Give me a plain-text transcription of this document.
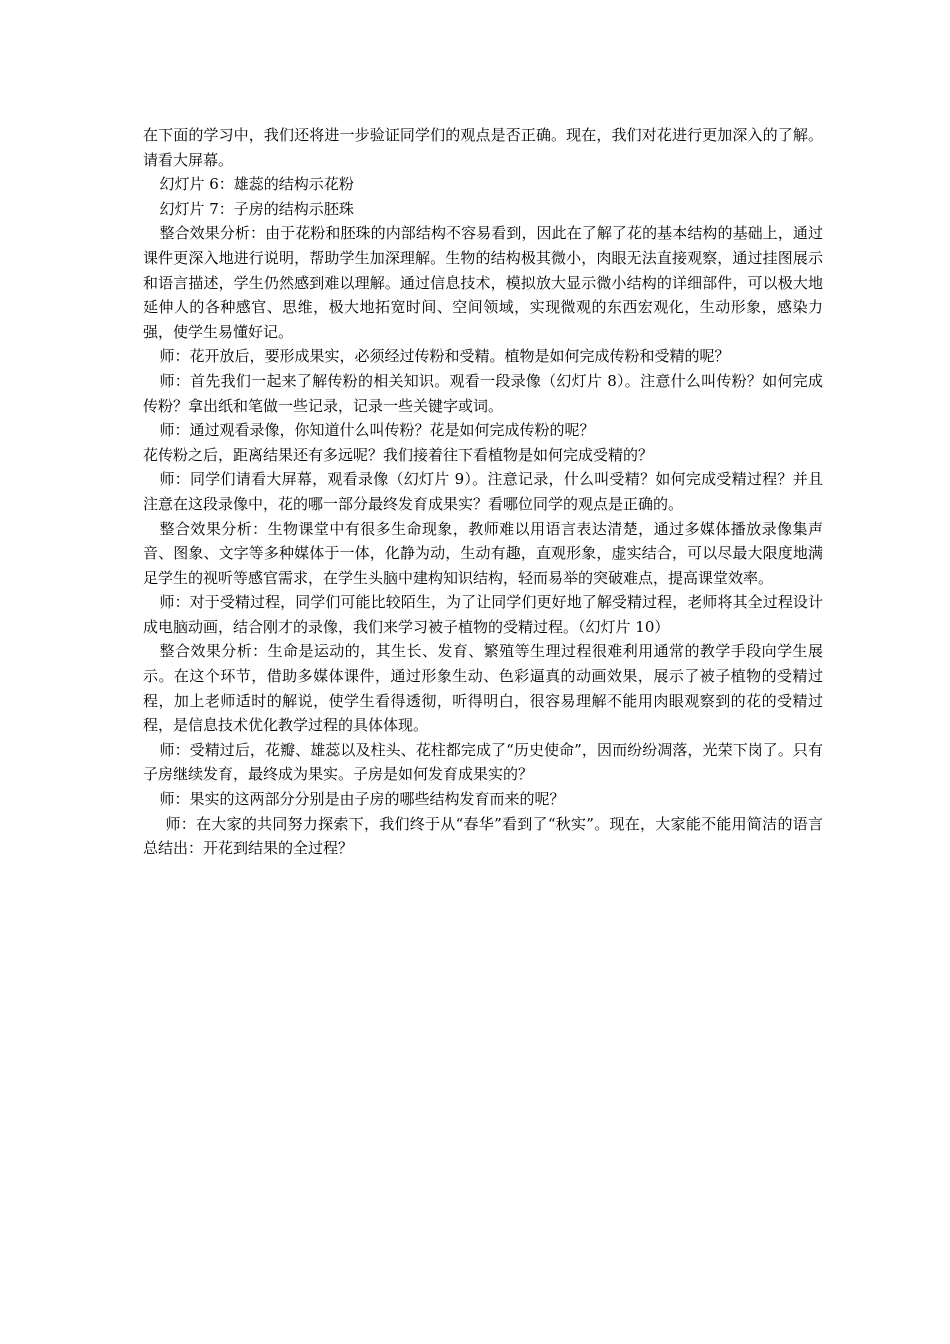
在下面的学习中，我们还将进一步验证同学们的观点是否正确。现在，我们对花进行更加深入的了解。请看大屏幕。

幻灯片 6：雄蕊的结构示花粉

幻灯片 7：子房的结构示胚珠

整合效果分析：由于花粉和胚珠的内部结构不容易看到，因此在了解了花的基本结构的基础上，通过课件更深入地进行说明，帮助学生加深理解。生物的结构极其微小，肉眼无法直接观察，通过挂图展示和语言描述，学生仍然感到难以理解。通过信息技术，模拟放大显示微小结构的详细部件，可以极大地延伸人的各种感官、思维，极大地拓宽时间、空间领域，实现微观的东西宏观化，生动形象，感染力强，使学生易懂好记。

师：花开放后，要形成果实，必须经过传粉和受精。植物是如何完成传粉和受精的呢？

师：首先我们一起来了解传粉的相关知识。观看一段录像（幻灯片 8）。注意什么叫传粉？如何完成传粉？拿出纸和笔做一些记录，记录一些关键字或词。

师：通过观看录像，你知道什么叫传粉？花是如何完成传粉的呢？

花传粉之后，距离结果还有多远呢？我们接着往下看植物是如何完成受精的？

师：同学们请看大屏幕，观看录像（幻灯片 9）。注意记录，什么叫受精？如何完成受精过程？并且注意在这段录像中，花的哪一部分最终发育成果实？看哪位同学的观点是正确的。

整合效果分析：生物课堂中有很多生命现象，教师难以用语言表达清楚，通过多媒体播放录像集声音、图象、文字等多种媒体于一体，化静为动，生动有趣，直观形象，虚实结合，可以尽最大限度地满足学生的视听等感官需求，在学生头脑中建构知识结构，轻而易举的突破难点，提高课堂效率。

师：对于受精过程，同学们可能比较陌生，为了让同学们更好地了解受精过程，老师将其全过程设计成电脑动画，结合刚才的录像，我们来学习被子植物的受精过程。（幻灯片 10）

整合效果分析：生命是运动的，其生长、发育、繁殖等生理过程很难利用通常的教学手段向学生展示。在这个环节，借助多媒体课件，通过形象生动、色彩逼真的动画效果，展示了被子植物的受精过程，加上老师适时的解说，使学生看得透彻，听得明白，很容易理解不能用肉眼观察到的花的受精过程，是信息技术优化教学过程的具体体现。

师：受精过后，花瓣、雄蕊以及柱头、花柱都完成了“历史使命”，因而纷纷凋落，光荣下岗了。只有子房继续发育，最终成为果实。子房是如何发育成果实的？

师：果实的这两部分分别是由子房的哪些结构发育而来的呢？

师：在大家的共同努力探索下，我们终于从“春华”看到了“秋实”。现在，大家能不能用简洁的语言总结出：开花到结果的全过程？
